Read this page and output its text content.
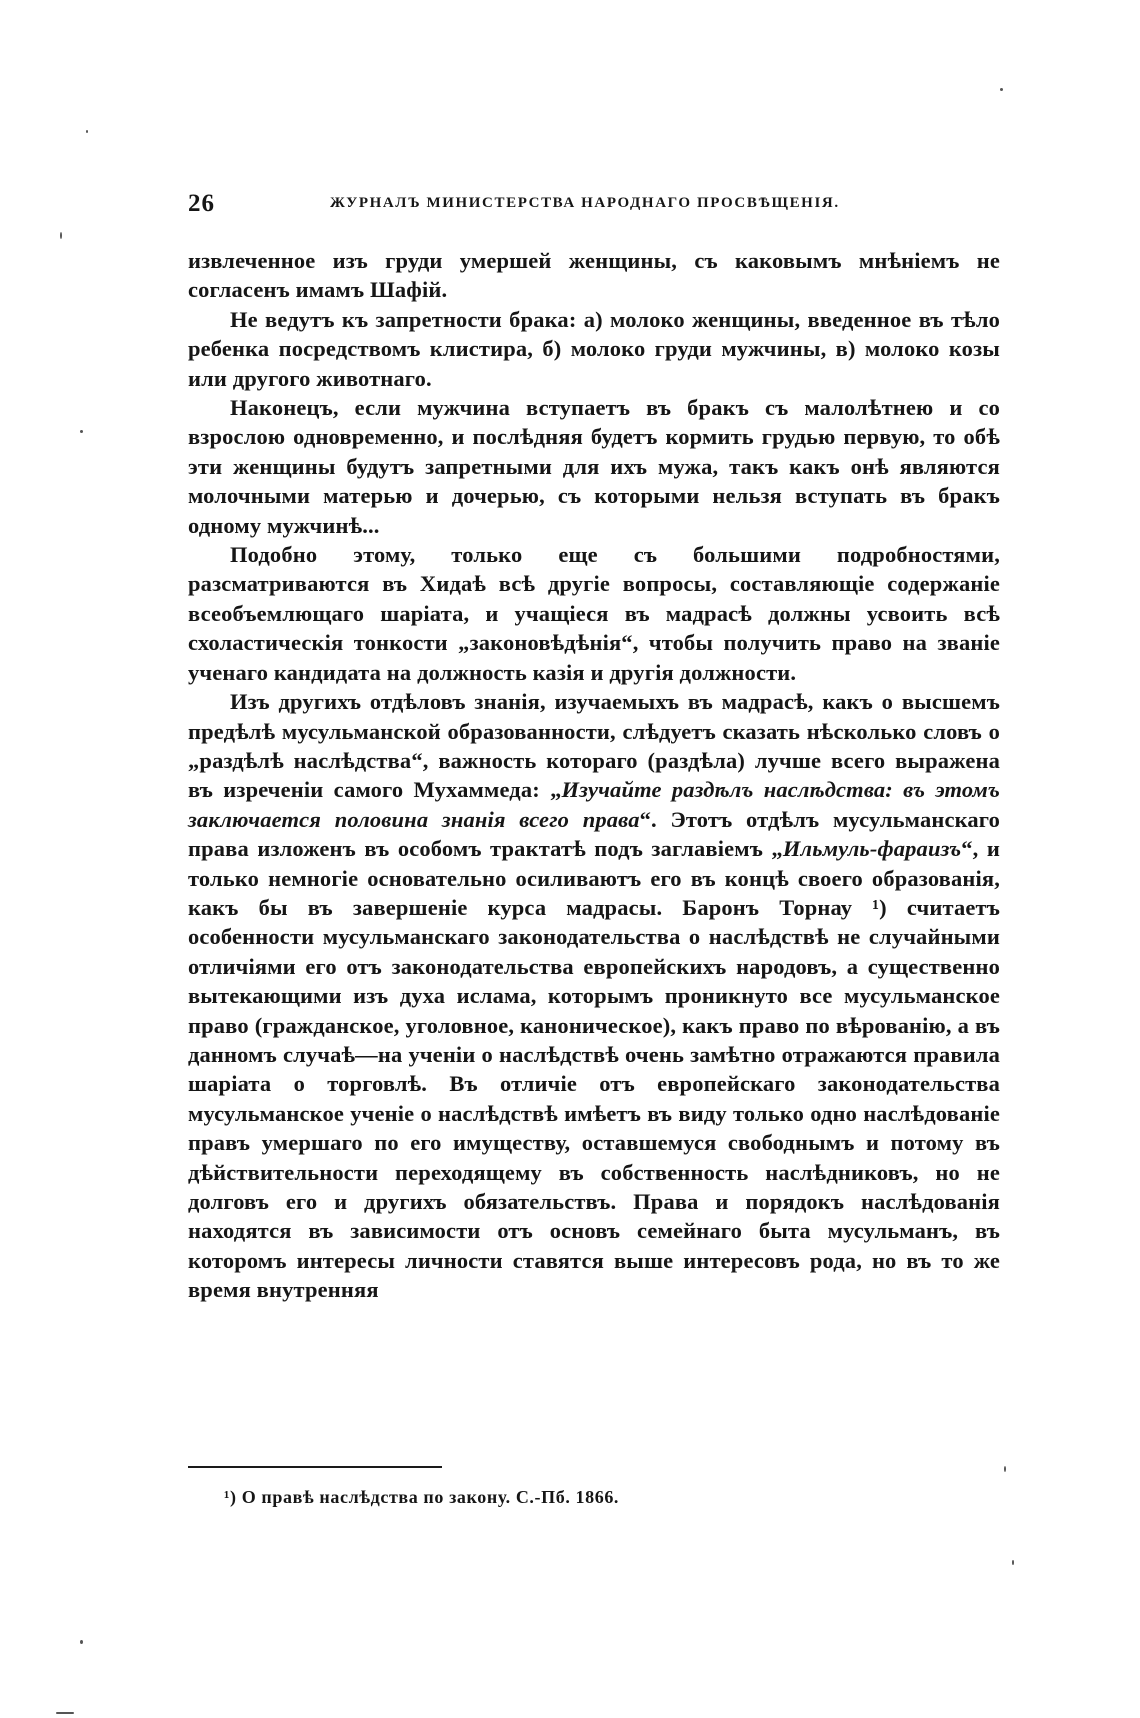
26	ЖУРНАЛЪ МИНИСТЕРСТВА НАРОДНАГО ПРОСВѢЩЕНІЯ.

извлеченное изъ груди умершей женщины, съ каковымъ мнѣніемъ не согласенъ имамъ Шафій.

Не ведутъ къ запретности брака: а) молоко женщины, введенное въ тѣло ребенка посредствомъ клистира, б) молоко груди мужчины, в) молоко козы или другого животнаго.

Наконецъ, если мужчина вступаетъ въ бракъ съ малолѣтнею и со взрослою одновременно, и послѣдняя будетъ кормить грудью первую, то обѣ эти женщины будутъ запретными для ихъ мужа, такъ какъ онѣ являются молочными матерью и дочерью, съ которыми нельзя вступать въ бракъ одному мужчинѣ...

Подобно этому, только еще съ большими подробностями, разсматриваются въ Хидаѣ всѣ другіе вопросы, составляющіе содержаніе всеобъемлющаго шаріата, и учащіеся въ мадрасѣ должны усвоить всѣ схоластическія тонкости „законовѣдѣнія“, чтобы получить право на званіе ученаго кандидата на должность казія и другія должности.

Изъ другихъ отдѣловъ знанія, изучаемыхъ въ мадрасѣ, какъ о высшемъ предѣлѣ мусульманской образованности, слѣдуетъ сказать нѣсколько словъ о „раздѣлѣ наслѣдства“, важность котораго (раздѣла) лучше всего выражена въ изреченіи самого Мухаммеда: „Изучайте раздѣлъ наслѣдства: въ этомъ заключается половина знанія всего права“. Этотъ отдѣлъ мусульманскаго права изложенъ въ особомъ трактатѣ подъ заглавіемъ „Ильмуль-фараизъ“, и только немногіе основательно осиливаютъ его въ концѣ своего образованія, какъ бы въ завершеніе курса мадрасы. Баронъ Торнау ¹) считаетъ особенности мусульманскаго законодательства о наслѣдствѣ не случайными отличіями его отъ законодательства европейскихъ народовъ, а существенно вытекающими изъ духа ислама, которымъ проникнуто все мусульманское право (гражданское, уголовное, каноническое), какъ право по вѣрованію, а въ данномъ случаѣ—на ученіи о наслѣдствѣ очень замѣтно отражаются правила шаріата о торговлѣ. Въ отличіе отъ европейскаго законодательства мусульманское ученіе о наслѣдствѣ имѣетъ въ виду только одно наслѣдованіе правъ умершаго по его имуществу, оставшемуся свободнымъ и потому въ дѣйствительности переходящему въ собственность наслѣдниковъ, но не долговъ его и другихъ обязательствъ. Права и порядокъ наслѣдованія находятся въ зависимости отъ основъ семейнаго быта мусульманъ, въ которомъ интересы личности ставятся выше интересовъ рода, но въ то же время внутренняя

¹) О правѣ наслѣдства по закону. С.-Пб. 1866.
